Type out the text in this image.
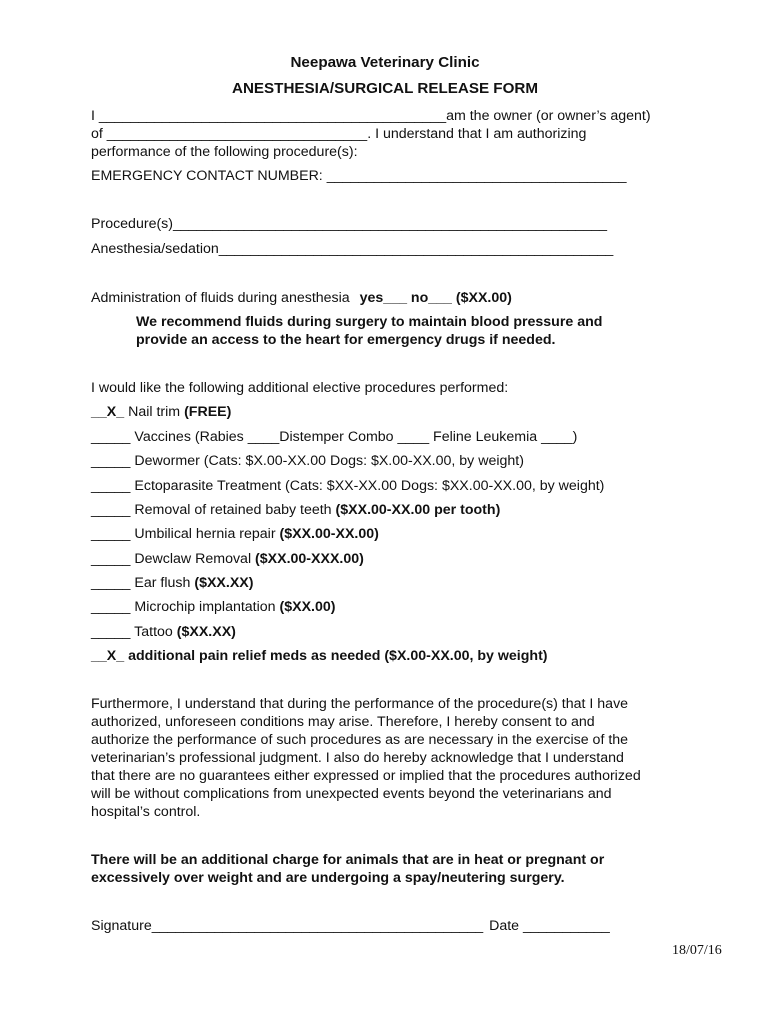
Neepawa Veterinary Clinic
ANESTHESIA/SURGICAL RELEASE FORM
I ____________________________________________am the owner (or owner’s agent)
of _________________________________. I understand that I am authorizing
performance of the following procedure(s):
EMERGENCY CONTACT NUMBER: ______________________________________
Procedure(s)_______________________________________________________
Anesthesia/sedation__________________________________________________
Administration of fluids during anesthesia yes___ no___ ($XX.00)
We recommend fluids during surgery to maintain blood pressure and
provide an access to the heart for emergency drugs if needed.
I would like the following additional elective procedures performed:
__X_ Nail trim (FREE)
_____ Vaccines (Rabies ____Distemper Combo ____ Feline Leukemia ____)
_____ Dewormer (Cats: $X.00-XX.00 Dogs: $X.00-XX.00, by weight)
_____ Ectoparasite Treatment (Cats: $XX-XX.00 Dogs: $XX.00-XX.00, by weight)
_____ Removal of retained baby teeth ($XX.00-XX.00 per tooth)
_____ Umbilical hernia repair ($XX.00-XX.00)
_____ Dewclaw Removal ($XX.00-XXX.00)
_____ Ear flush ($XX.XX)
_____ Microchip implantation ($XX.00)
_____ Tattoo ($XX.XX)
__X_ additional pain relief meds as needed ($X.00-XX.00, by weight)
Furthermore, I understand that during the performance of the procedure(s) that I have
authorized, unforeseen conditions may arise. Therefore, I hereby consent to and
authorize the performance of such procedures as are necessary in the exercise of the
veterinarian’s professional judgment. I also do hereby acknowledge that I understand
that there are no guarantees either expressed or implied that the procedures authorized
will be without complications from unexpected events beyond the veterinarians and
hospital’s control.
There will be an additional charge for animals that are in heat or pregnant or
excessively over weight and are undergoing a spay/neutering surgery.
Signature__________________________________________ Date ___________
18/07/16
